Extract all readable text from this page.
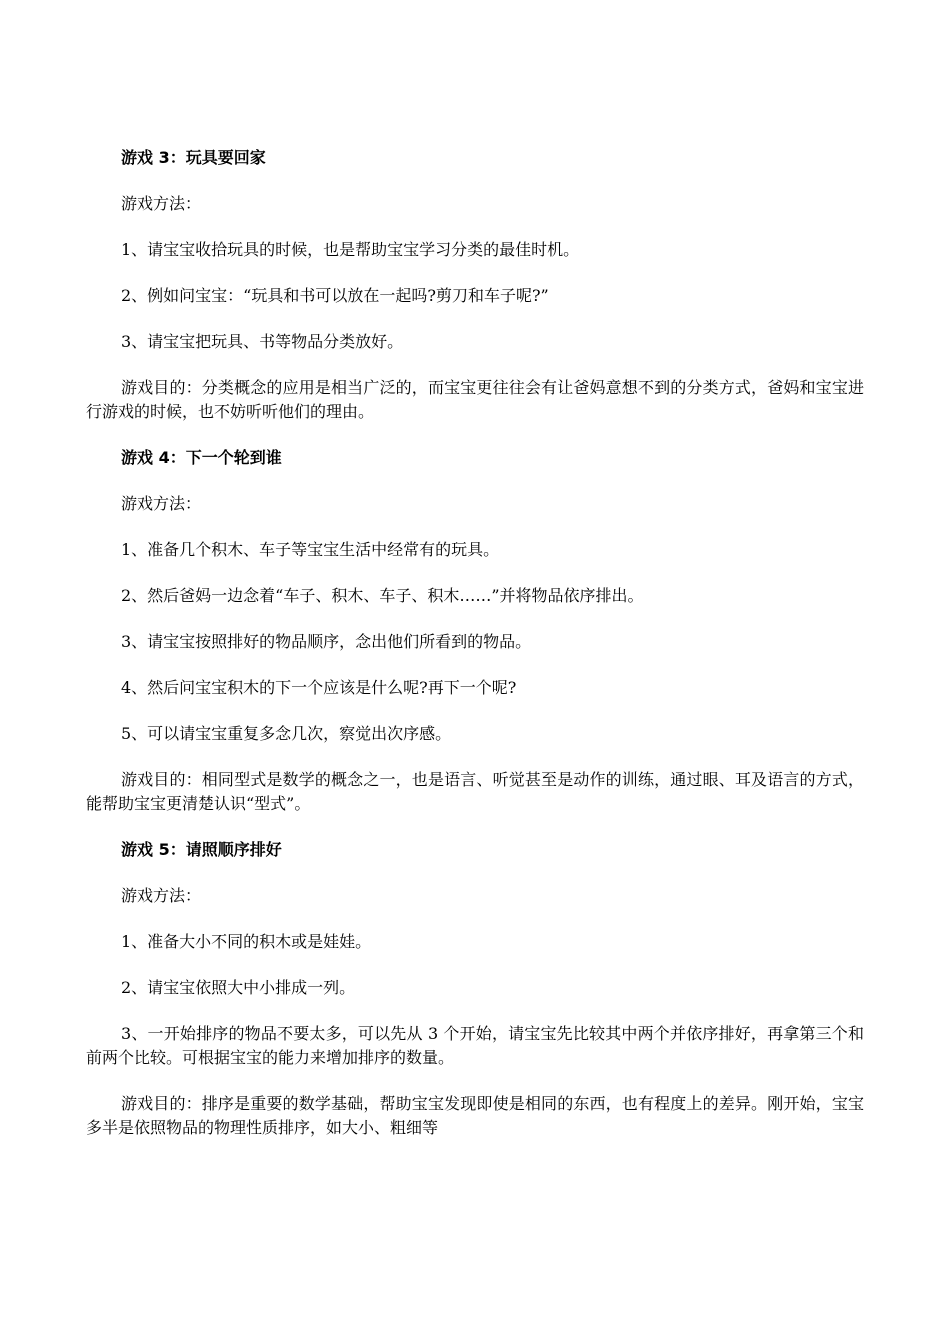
游戏 3：玩具要回家

游戏方法：

1、请宝宝收拾玩具的时候，也是帮助宝宝学习分类的最佳时机。

2、例如问宝宝：“玩具和书可以放在一起吗?剪刀和车子呢?”

3、请宝宝把玩具、书等物品分类放好。

游戏目的：分类概念的应用是相当广泛的，而宝宝更往往会有让爸妈意想不到的分类方式，爸妈和宝宝进行游戏的时候，也不妨听听他们的理由。

游戏 4：下一个轮到谁

游戏方法：

1、准备几个积木、车子等宝宝生活中经常有的玩具。

2、然后爸妈一边念着“车子、积木、车子、积木……”并将物品依序排出。

3、请宝宝按照排好的物品顺序，念出他们所看到的物品。

4、然后问宝宝积木的下一个应该是什么呢?再下一个呢?

5、可以请宝宝重复多念几次，察觉出次序感。

游戏目的：相同型式是数学的概念之一，也是语言、听觉甚至是动作的训练，通过眼、耳及语言的方式，能帮助宝宝更清楚认识“型式”。

游戏 5：请照顺序排好

游戏方法：

1、准备大小不同的积木或是娃娃。

2、请宝宝依照大中小排成一列。

3、一开始排序的物品不要太多，可以先从 3 个开始，请宝宝先比较其中两个并依序排好，再拿第三个和前两个比较。可根据宝宝的能力来增加排序的数量。

游戏目的：排序是重要的数学基础，帮助宝宝发现即使是相同的东西，也有程度上的差异。刚开始，宝宝多半是依照物品的物理性质排序，如大小、粗细等
